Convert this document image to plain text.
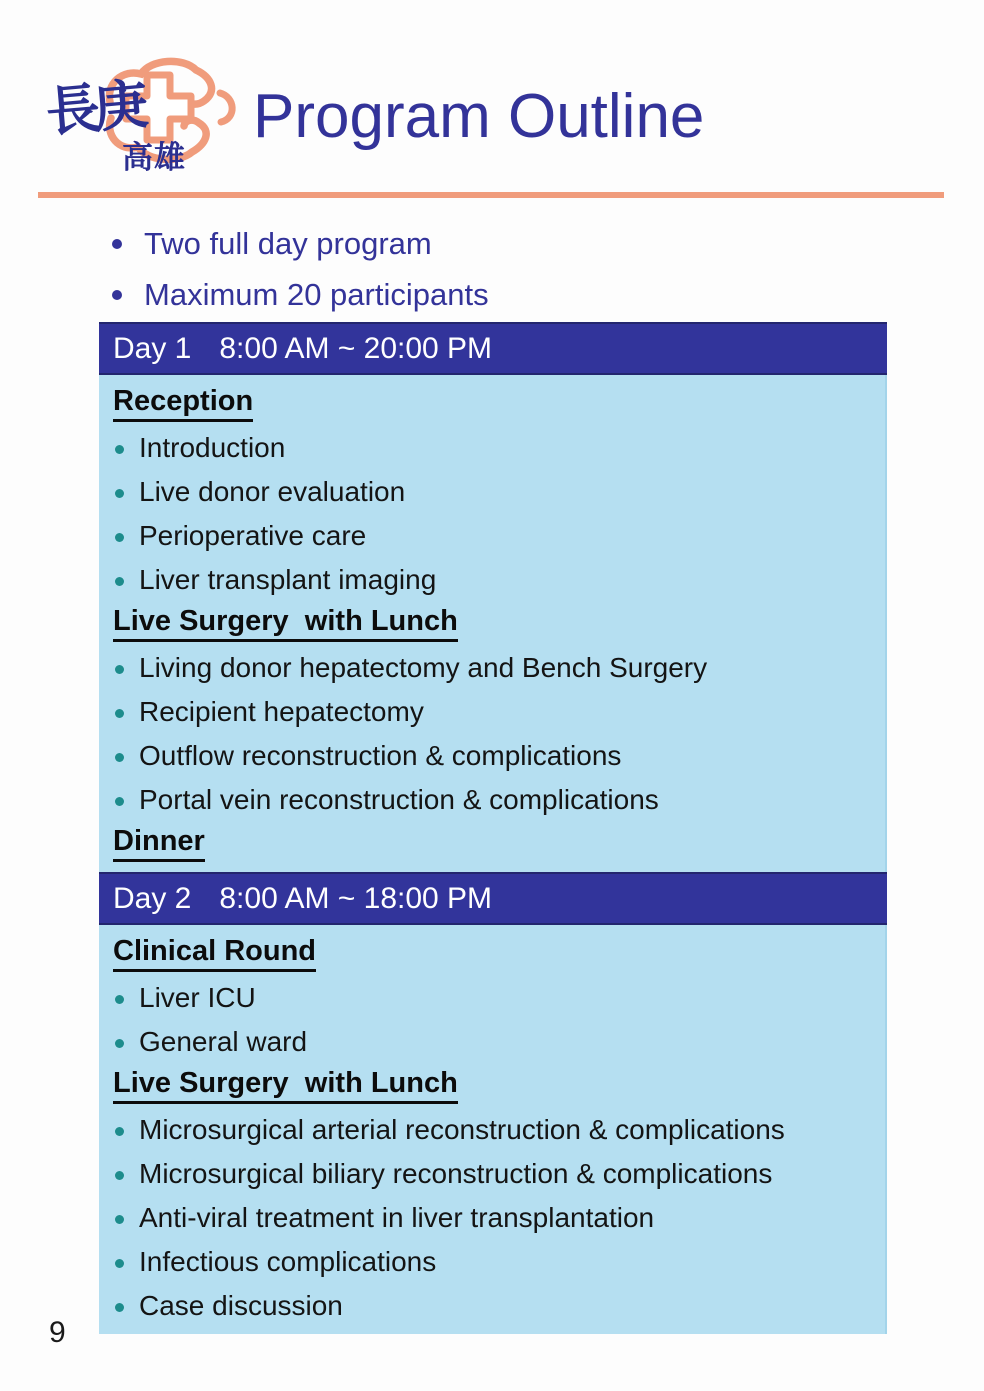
長庚
高雄
Program Outline
Two full day program
Maximum 20 participants
Day 1 8:00 AM ~ 20:00 PM
Reception
Introduction
Live donor evaluation
Perioperative care
Liver transplant imaging
Live Surgery  with Lunch
Living donor hepatectomy and Bench Surgery
Recipient hepatectomy
Outflow reconstruction & complications
Portal vein reconstruction & complications
Dinner
Day 2 8:00 AM ~ 18:00 PM
Clinical Round
Liver ICU
General ward
Live Surgery  with Lunch
Microsurgical arterial reconstruction & complications
Microsurgical biliary reconstruction & complications
Anti-viral treatment in liver transplantation
Infectious complications
Case discussion
9
